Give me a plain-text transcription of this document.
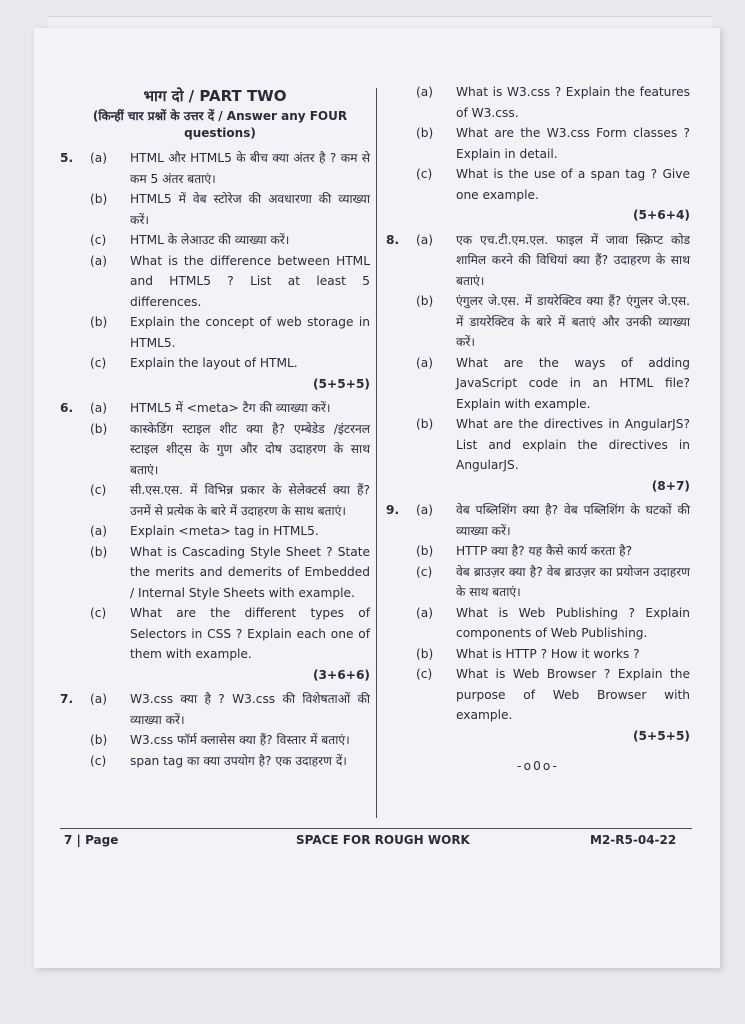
भाग दो / PART TWO
(किन्हीं चार प्रश्नों के उत्तर दें / Answer any FOUR questions)
5.	(a)	HTML और HTML5 के बीच क्या अंतर है ? कम से कम 5 अंतर बताएं।
(b)	HTML5 में वेब स्टोरेज की अवधारणा की व्याख्या करें।
(c)	HTML के लेआउट की व्याख्या करें।
(a)	What is the difference between HTML and HTML5 ? List at least 5 differences.
(b)	Explain the concept of web storage in HTML5.
(c)	Explain the layout of HTML.
(5+5+5)
6.	(a)	HTML5 में <meta> टैग की व्याख्या करें।
(b)	कास्केडिंग स्टाइल शीट क्या है? एम्बेडेड /इंटरनल स्टाइल शीट्स के गुण और दोष उदाहरण के साथ बताएं।
(c)	सी.एस.एस. में विभिन्न प्रकार के सेलेक्टर्स क्या हैं? उनमें से प्रत्येक के बारे में उदाहरण के साथ बताएं।
(a)	Explain <meta> tag in HTML5.
(b)	What is Cascading Style Sheet ? State the merits and demerits of Embedded / Internal Style Sheets with example.
(c)	What are the different types of Selectors in CSS ? Explain each one of them with example.
(3+6+6)
7.	(a)	W3.css क्या है ? W3.css की विशेषताओं की व्याख्या करें।
(b)	W3.css फॉर्म क्लासेस क्या हैं? विस्तार में बताएं।
(c)	span tag का क्या उपयोग है? एक उदाहरण दें।
(a)	What is W3.css ? Explain the features of W3.css.
(b)	What are the W3.css Form classes ? Explain in detail.
(c)	What is the use of a span tag ? Give one example.
(5+6+4)
8.	(a)	एक एच.टी.एम.एल. फाइल में जावा स्क्रिप्ट कोड शामिल करने की विधियां क्या हैं? उदाहरण के साथ बताएं।
(b)	एंगुलर जे.एस. में डायरेक्टिव क्या हैं? एंगुलर जे.एस. में डायरेक्टिव के बारे में बताएं और उनकी व्याख्या करें।
(a)	What are the ways of adding JavaScript code in an HTML file? Explain with example.
(b)	What are the directives in AngularJS? List and explain the directives in AngularJS.
(8+7)
9.	(a)	वेब पब्लिशिंग क्या है? वेब पब्लिशिंग के घटकों की व्याख्या करें।
(b)	HTTP क्या है? यह कैसे कार्य करता है?
(c)	वेब ब्राउज़र क्या है? वेब ब्राउज़र का प्रयोजन उदाहरण के साथ बताएं।
(a)	What is Web Publishing ? Explain components of Web Publishing.
(b)	What is HTTP ? How it works ?
(c)	What is Web Browser ? Explain the purpose of Web Browser with example.
(5+5+5)
-o0o-
7 | Page	SPACE FOR ROUGH WORK	M2-R5-04-22
